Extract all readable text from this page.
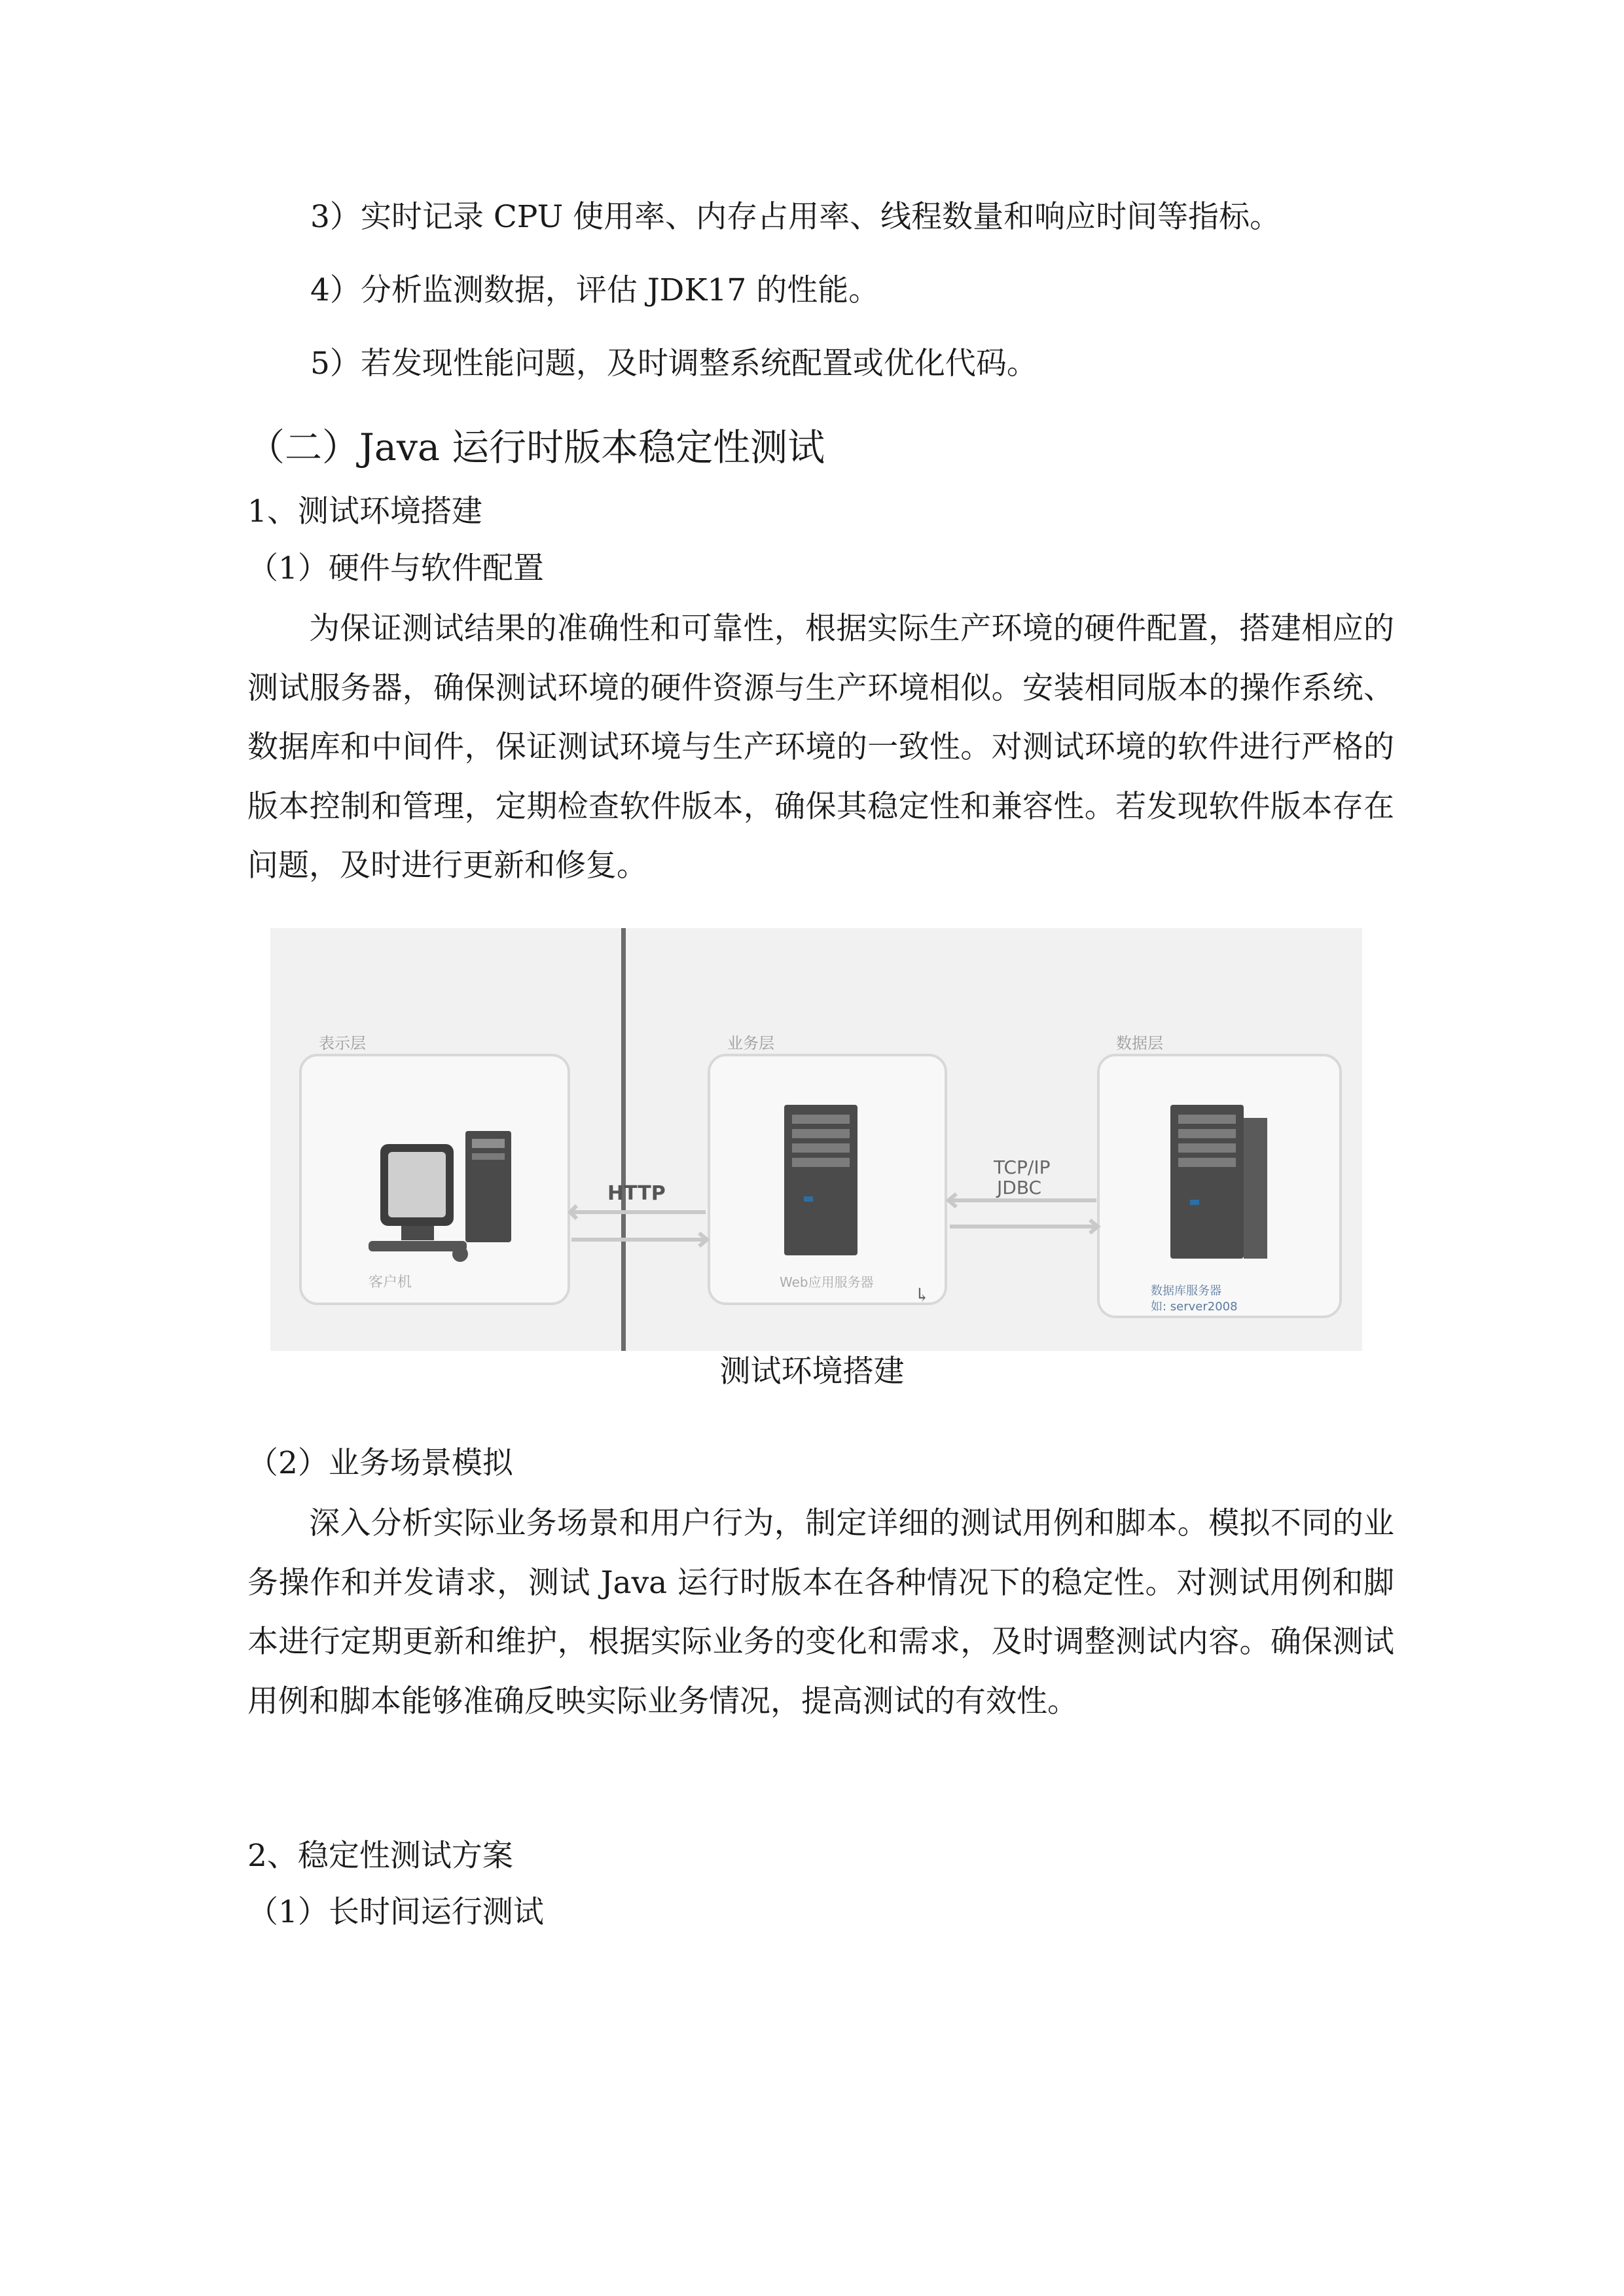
3）实时记录 CPU 使用率、内存占用率、线程数量和响应时间等指标。
4）分析监测数据，评估 JDK17 的性能。
5）若发现性能问题，及时调整系统配置或优化代码。
（二）Java 运行时版本稳定性测试
1、测试环境搭建
（1）硬件与软件配置
为保证测试结果的准确性和可靠性，根据实际生产环境的硬件配置，搭建相应的测试服务器，确保测试环境的硬件资源与生产环境相似。安装相同版本的操作系统、数据库和中间件，保证测试环境与生产环境的一致性。对测试环境的软件进行严格的版本控制和管理，定期检查软件版本，确保其稳定性和兼容性。若发现软件版本存在问题，及时进行更新和修复。
表示层	业务层	数据层
客户机
HTTP
Web应用服务器
↳
TCP/IP
JDBC
数据库服务器
如: server2008
测试环境搭建
（2）业务场景模拟
深入分析实际业务场景和用户行为，制定详细的测试用例和脚本。模拟不同的业务操作和并发请求，测试 Java 运行时版本在各种情况下的稳定性。对测试用例和脚本进行定期更新和维护，根据实际业务的变化和需求，及时调整测试内容。确保测试用例和脚本能够准确反映实际业务情况，提高测试的有效性。
2、稳定性测试方案
（1）长时间运行测试
